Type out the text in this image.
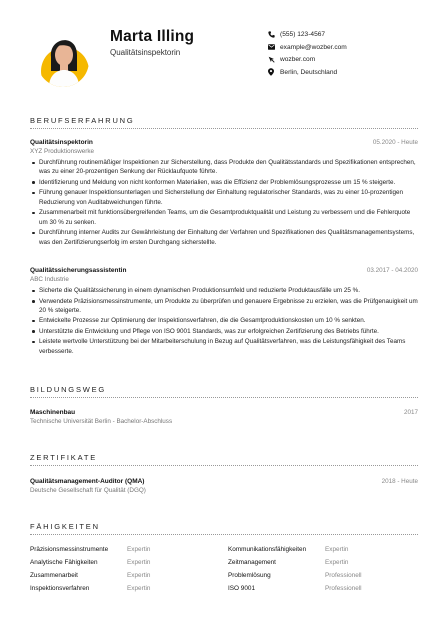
Marta Illing
Qualitätsinspektorin
(555) 123-4567
example@wozber.com
wozber.com
Berlin, Deutschland
BERUFSERFAHRUNG
Qualitätsinspektorin	05.2020 - Heute
XYZ Produktionswerke
Durchführung routinemäßiger Inspektionen zur Sicherstellung, dass Produkte den Qualitätsstandards und Spezifikationen entsprechen, was zu einer 20-prozentigen Senkung der Rücklaufquote führte.
Identifizierung und Meldung von nicht konformen Materialien, was die Effizienz der Problemlösungsprozesse um 15 % steigerte.
Führung genauer Inspektionsunterlagen und Sicherstellung der Einhaltung regulatorischer Standards, was zu einer 10-prozentigen Reduzierung von Auditabweichungen führte.
Zusammenarbeit mit funktionsübergreifenden Teams, um die Gesamtproduktqualität und Leistung zu verbessern und die Fehlerquote um 30 % zu senken.
Durchführung interner Audits zur Gewährleistung der Einhaltung der Verfahren und Spezifikationen des Qualitätsmanagementsystems, was den Zertifizierungserfolg im ersten Durchgang sicherstellte.
Qualitätssicherungsassistentin	03.2017 - 04.2020
ABC Industrie
Sicherte die Qualitätssicherung in einem dynamischen Produktionsumfeld und reduzierte Produktausfälle um 25 %.
Verwendete Präzisionsmessinstrumente, um Produkte zu überprüfen und genauere Ergebnisse zu erzielen, was die Prüfgenauigkeit um 20 % steigerte.
Entwickelte Prozesse zur Optimierung der Inspektionsverfahren, die die Gesamtproduktionskosten um 10 % senkten.
Unterstützte die Entwicklung und Pflege von ISO 9001 Standards, was zur erfolgreichen Zertifizierung des Betriebs führte.
Leistete wertvolle Unterstützung bei der Mitarbeiterschulung in Bezug auf Qualitätsverfahren, was die Leistungsfähigkeit des Teams verbesserte.
BILDUNGSWEG
Maschinenbau	2017
Technische Universität Berlin - Bachelor-Abschluss
ZERTIFIKATE
Qualitätsmanagement-Auditor (QMA)	2018 - Heute
Deutsche Gesellschaft für Qualität (DGQ)
FÄHIGKEITEN
Präzisionsmessinstrumente	Expertin
Analytische Fähigkeiten	Expertin
Zusammenarbeit	Expertin
Inspektionsverfahren	Expertin
Kommunikationsfähigkeiten	Expertin
Zeitmanagement	Expertin
Problemlösung	Professionell
ISO 9001	Professionell
